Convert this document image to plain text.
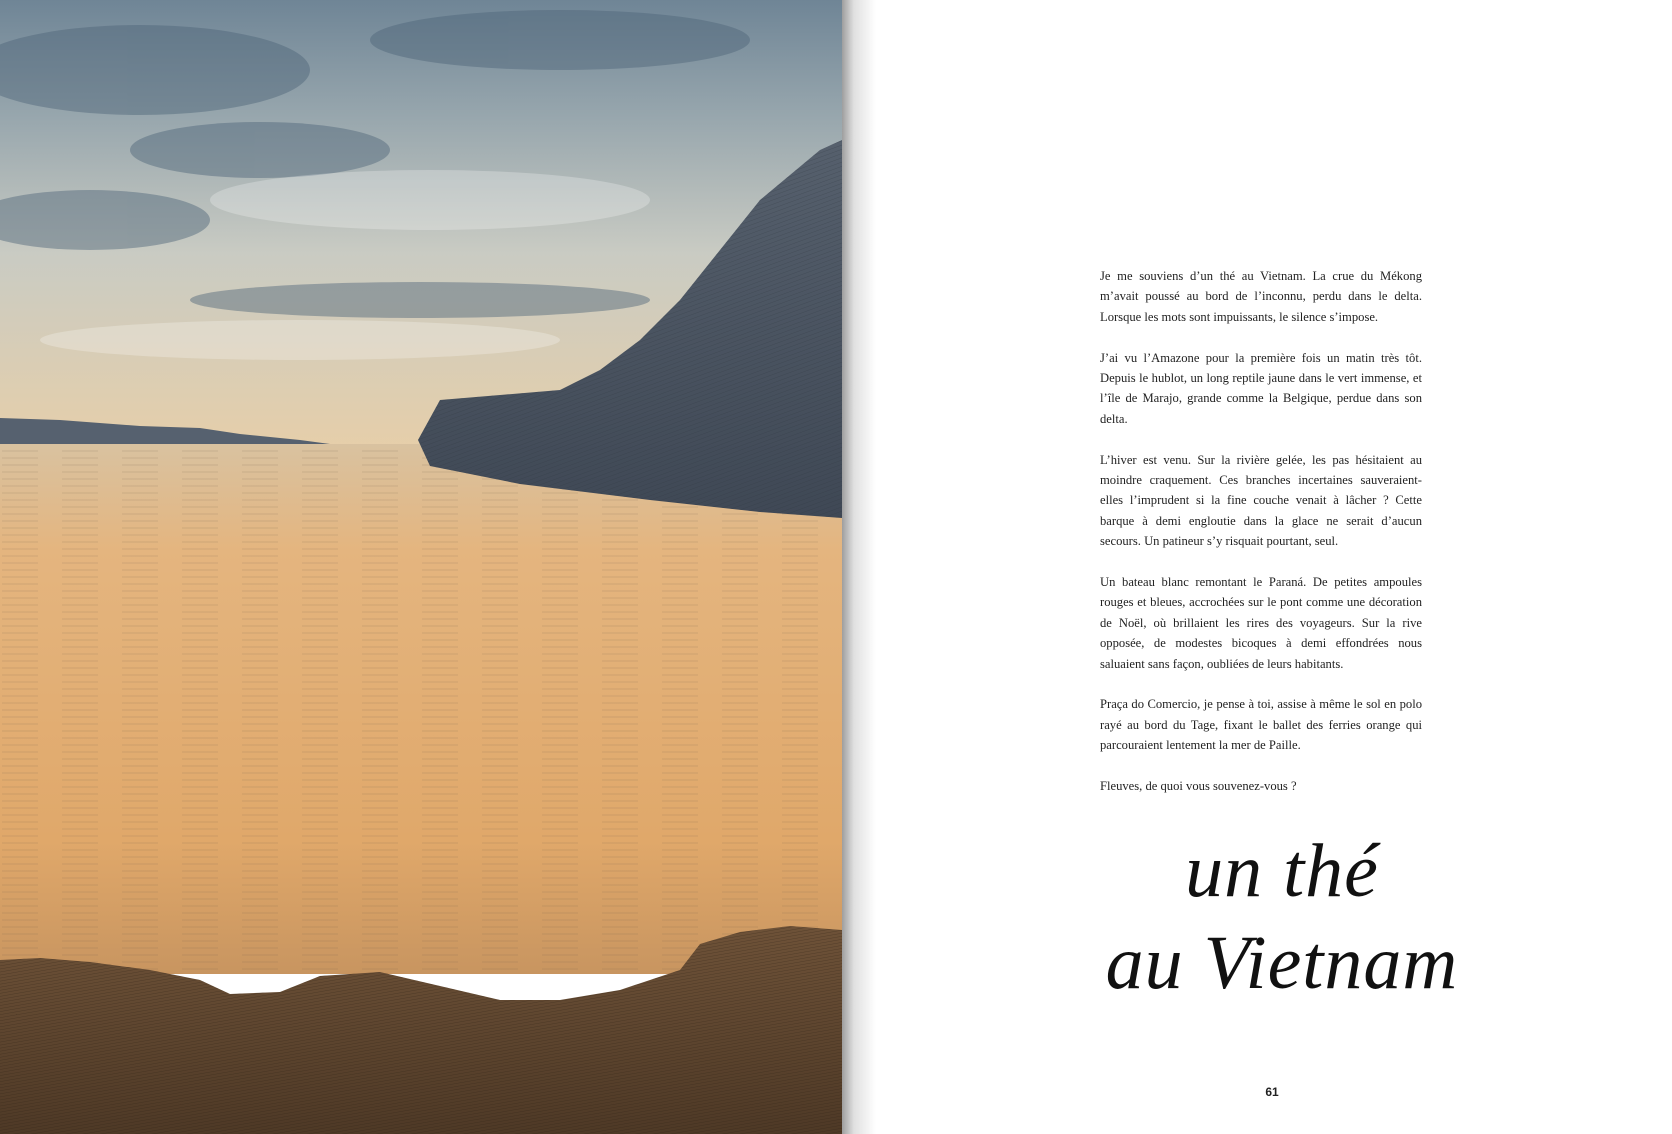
Je me souviens d’un thé au Vietnam. La crue du Mékong m’avait poussé au bord de l’inconnu, perdu dans le delta. Lorsque les mots sont impuissants, le silence s’impose.

J’ai vu l’Amazone pour la première fois un matin très tôt. Depuis le hublot, un long reptile jaune dans le vert immense, et l’île de Marajo, grande comme la Belgique, perdue dans son delta.

L’hiver est venu. Sur la rivière gelée, les pas hésitaient au moindre craquement. Ces branches incertaines sauveraient-elles l’imprudent si la fine couche venait à lâcher ? Cette barque à demi engloutie dans la glace ne serait d’aucun secours. Un patineur s’y risquait pourtant, seul.

Un bateau blanc remontant le Paraná. De petites ampoules rouges et bleues, accrochées sur le pont comme une décoration de Noël, où brillaient les rires des voyageurs. Sur la rive opposée, de modestes bicoques à demi effondrées nous saluaient sans façon, oubliées de leurs habitants.

Praça do Comercio, je pense à toi, assise à même le sol en polo rayé au bord du Tage, fixant le ballet des ferries orange qui parcouraient lentement la mer de Paille.

Fleuves, de quoi vous souvenez-vous ?

un thé
au Vietnam
61
